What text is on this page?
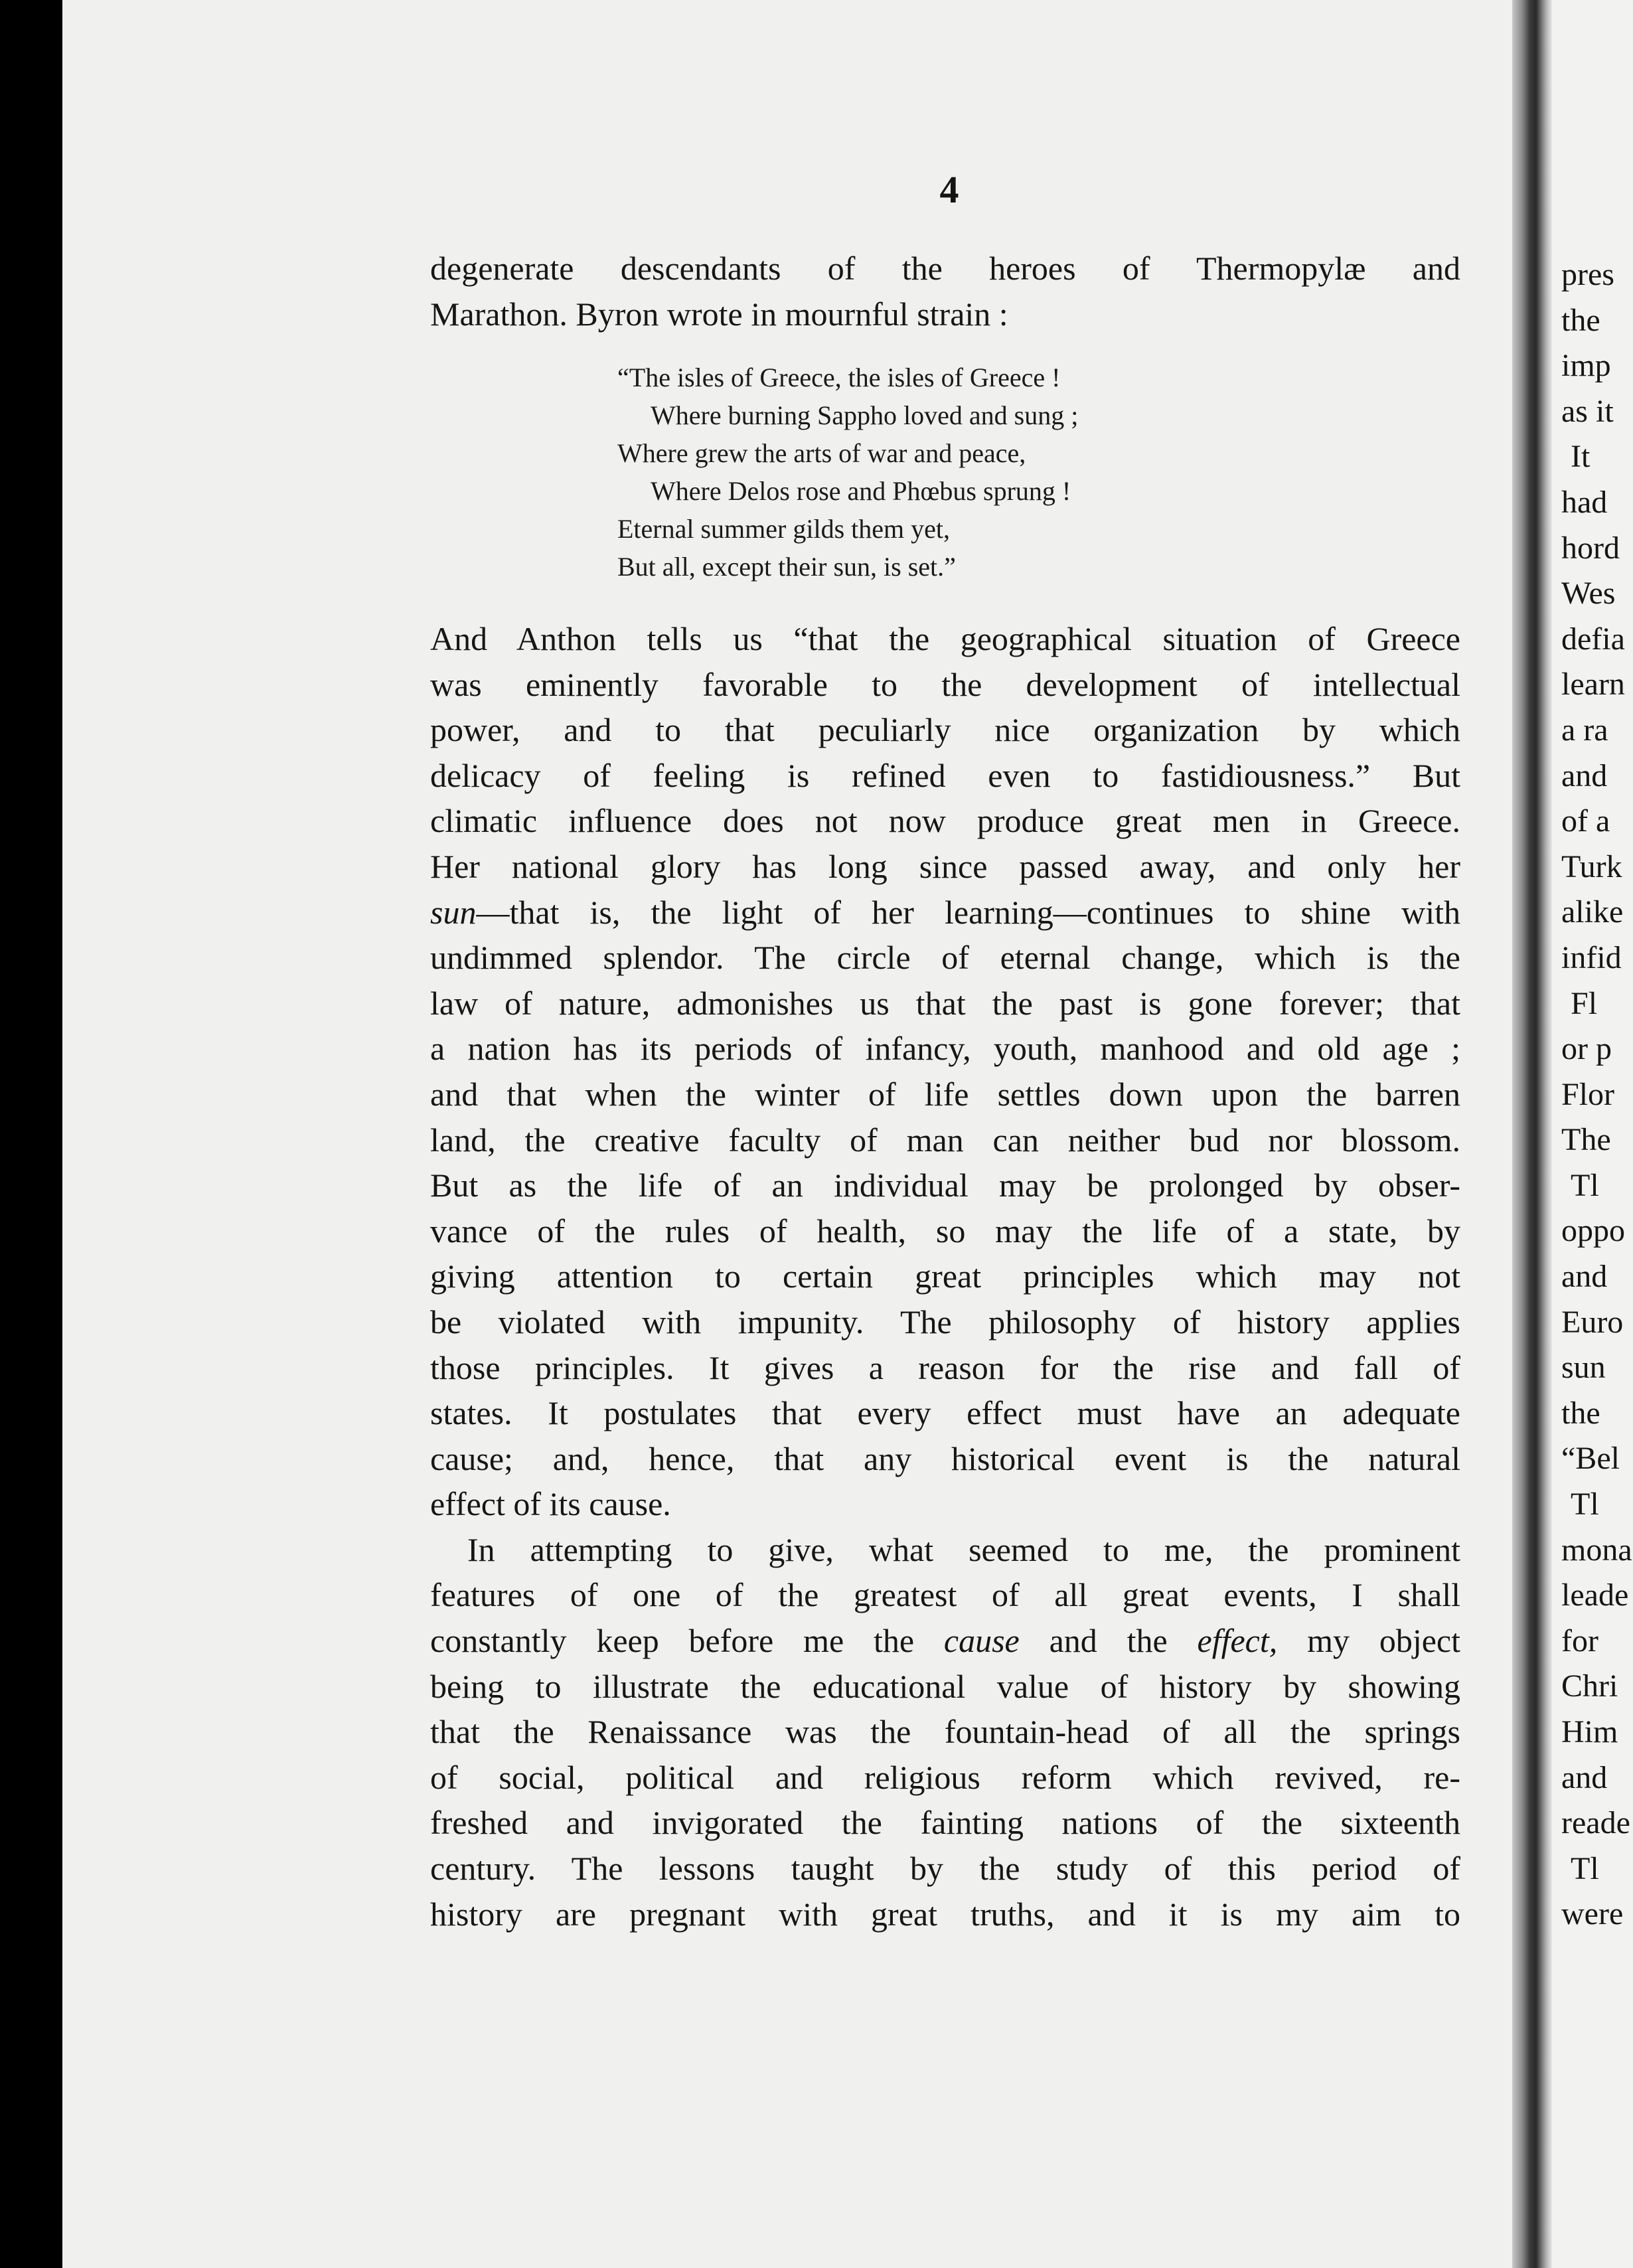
4
degenerate descendants of the heroes of Thermopylæ and
Marathon. Byron wrote in mournful strain :
“The isles of Greece, the isles of Greece !
Where burning Sappho loved and sung ;
Where grew the arts of war and peace,
Where Delos rose and Phœbus sprung !
Eternal summer gilds them yet,
But all, except their sun, is set.”
And Anthon tells us “that the geographical situation of Greece
was eminently favorable to the development of intellectual
power, and to that peculiarly nice organization by which
delicacy of feeling is refined even to fastidiousness.” But
climatic influence does not now produce great men in Greece.
Her national glory has long since passed away, and only her
sun—that is, the light of her learning—continues to shine with
undimmed splendor. The circle of eternal change, which is the
law of nature, admonishes us that the past is gone forever; that
a nation has its periods of infancy, youth, manhood and old age ;
and that when the winter of life settles down upon the barren
land, the creative faculty of man can neither bud nor blossom.
But as the life of an individual may be prolonged by obser-
vance of the rules of health, so may the life of a state, by
giving attention to certain great principles which may not
be violated with impunity. The philosophy of history applies
those principles. It gives a reason for the rise and fall of
states. It postulates that every effect must have an adequate
cause; and, hence, that any historical event is the natural
effect of its cause.
In attempting to give, what seemed to me, the prominent
features of one of the greatest of all great events, I shall
constantly keep before me the cause and the effect, my object
being to illustrate the educational value of history by showing
that the Renaissance was the fountain-head of all the springs
of social, political and religious reform which revived, re-
freshed and invigorated the fainting nations of the sixteenth
century. The lessons taught by the study of this period of
history are pregnant with great truths, and it is my aim to
pres
the
imp
as it
It
had
hord
Wes
defia
learn
a ra
and
of a
Turk
alike
infid
Fl
or p
Flor
The
Tl
oppo
and
Euro
sun
the
“Bel
Tl
mona
leade
for
Chri
Him
and
reade
Tl
were
